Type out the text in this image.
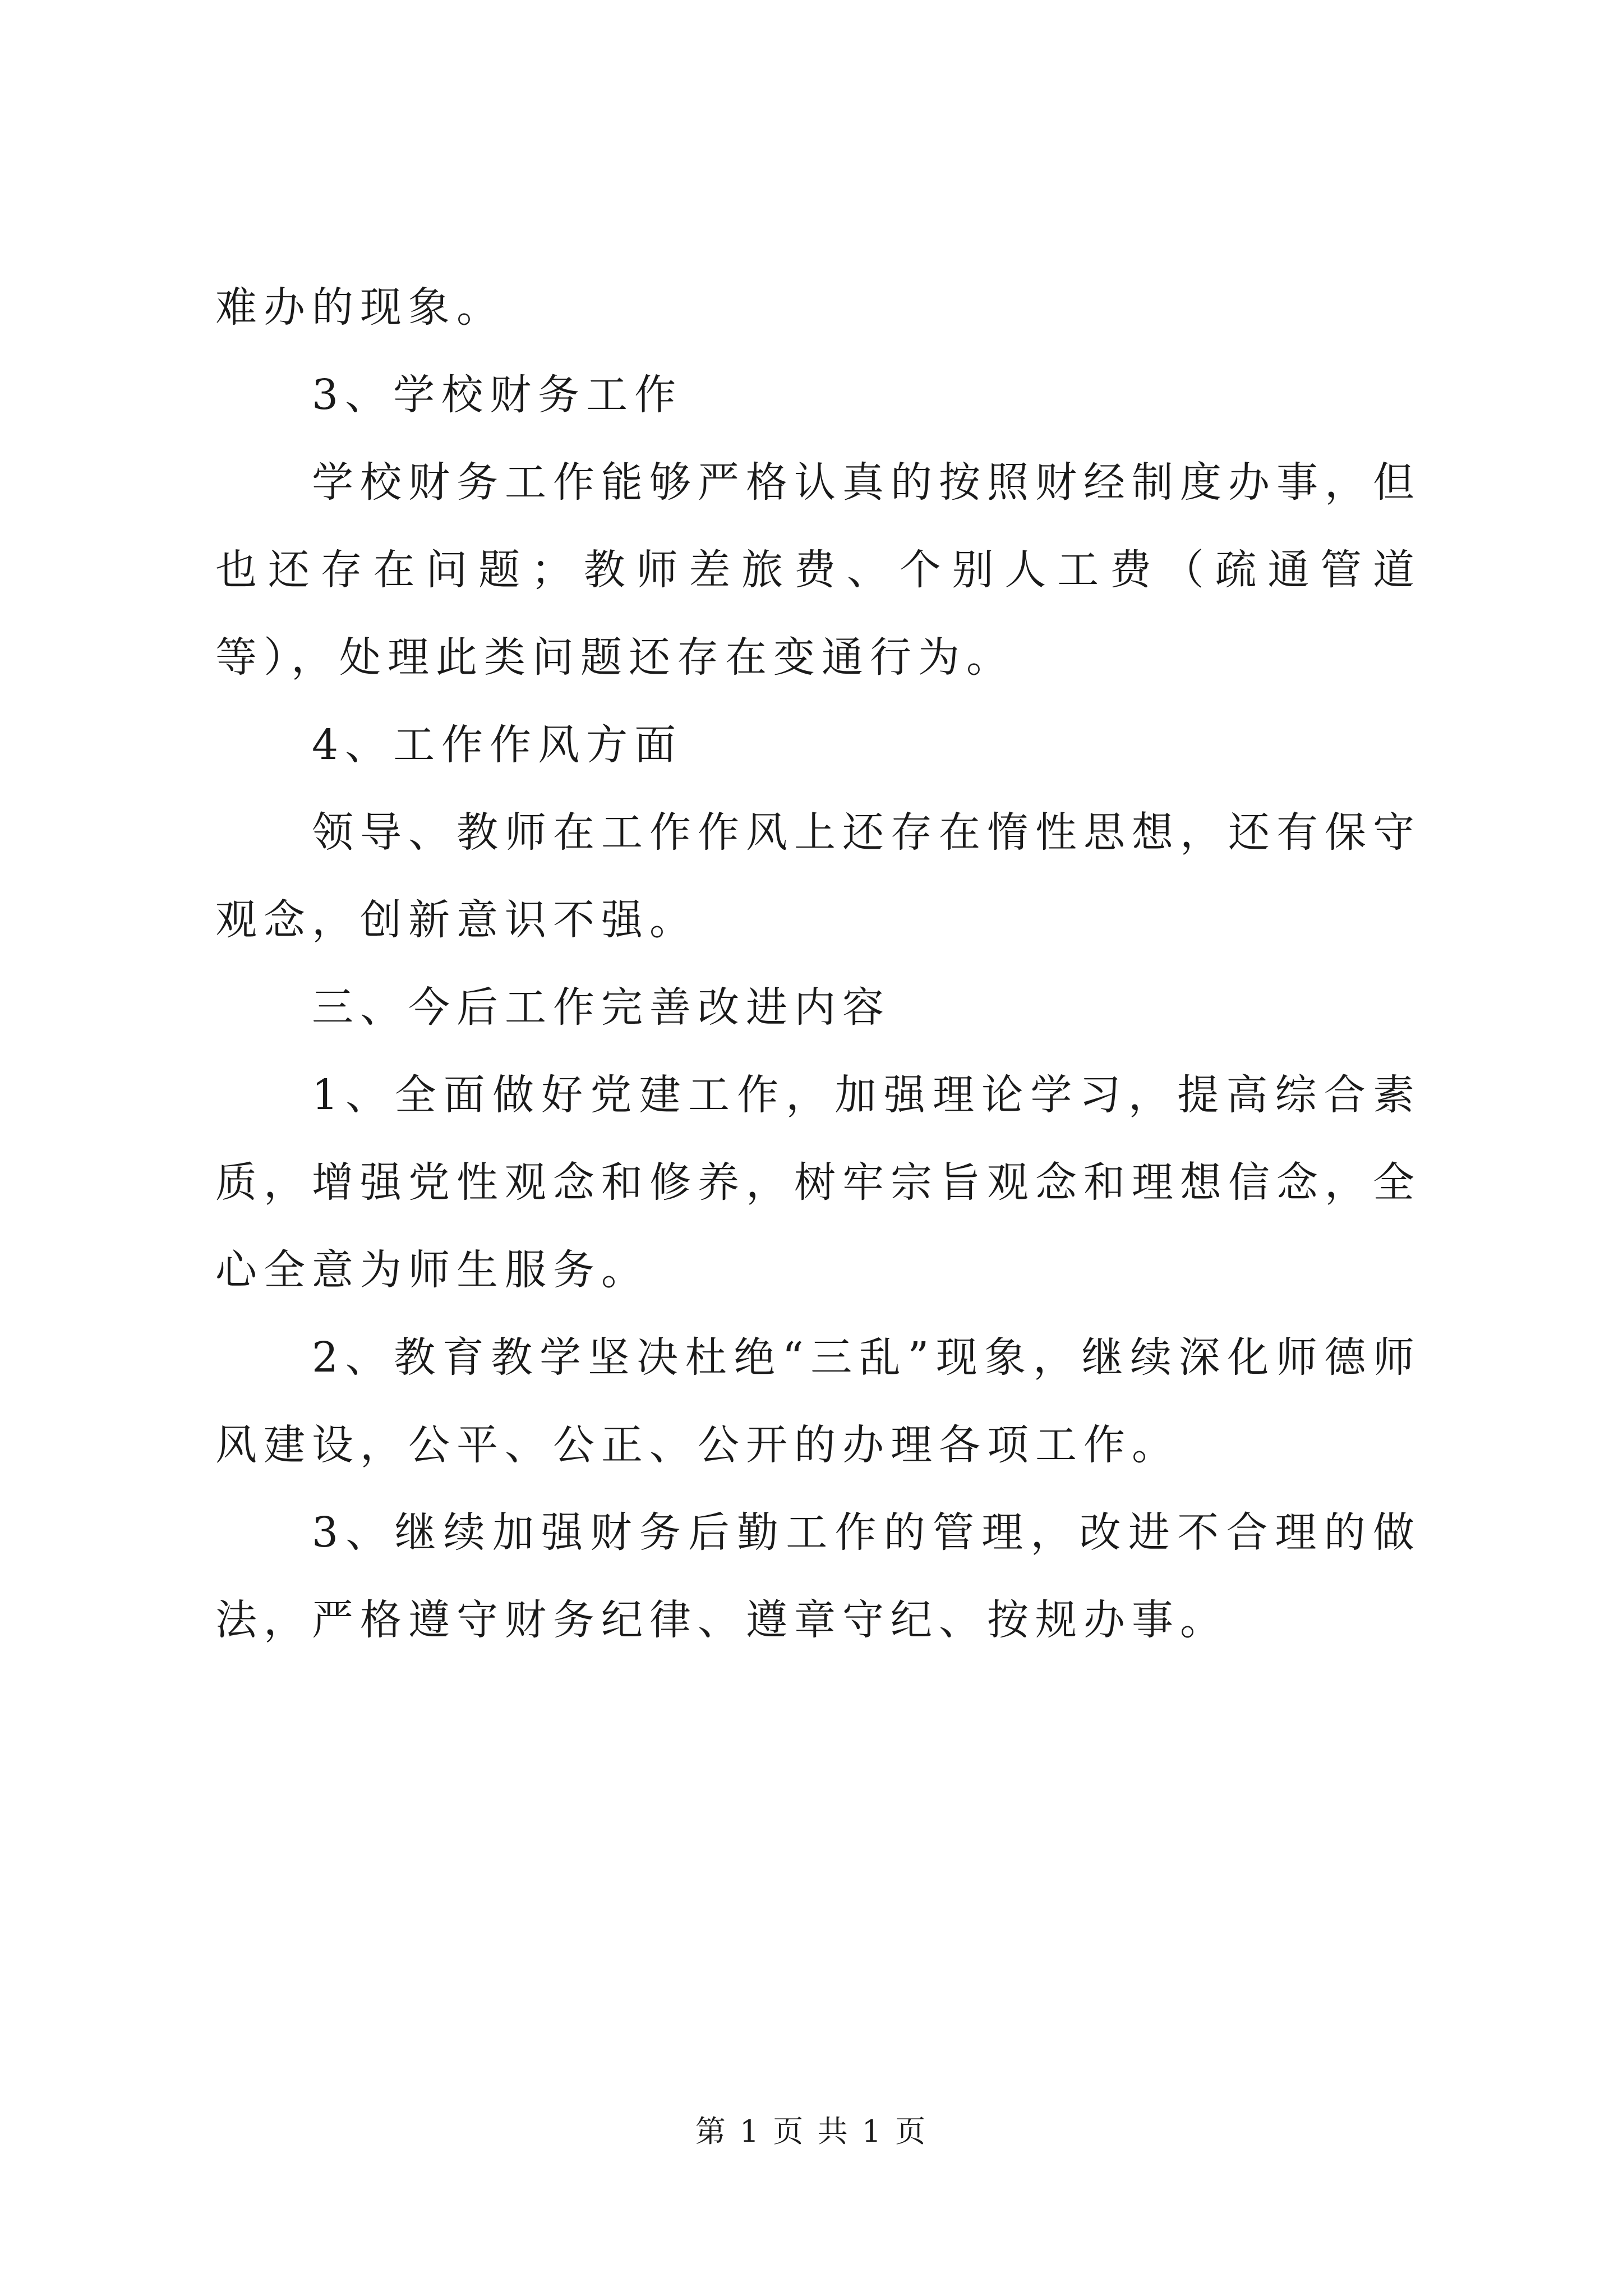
难办的现象。

3、学校财务工作

学校财务工作能够严格认真的按照财经制度办事，但也还存在问题；教师差旅费、个别人工费（疏通管道等），处理此类问题还存在变通行为。

4、工作作风方面

领导、教师在工作作风上还存在惰性思想，还有保守观念，创新意识不强。

三、今后工作完善改进内容

1、全面做好党建工作，加强理论学习，提高综合素质，增强党性观念和修养，树牢宗旨观念和理想信念，全心全意为师生服务。

2、教育教学坚决杜绝“三乱”现象，继续深化师德师风建设，公平、公正、公开的办理各项工作。

3、继续加强财务后勤工作的管理，改进不合理的做法，严格遵守财务纪律、遵章守纪、按规办事。

第 1 页 共 1 页
